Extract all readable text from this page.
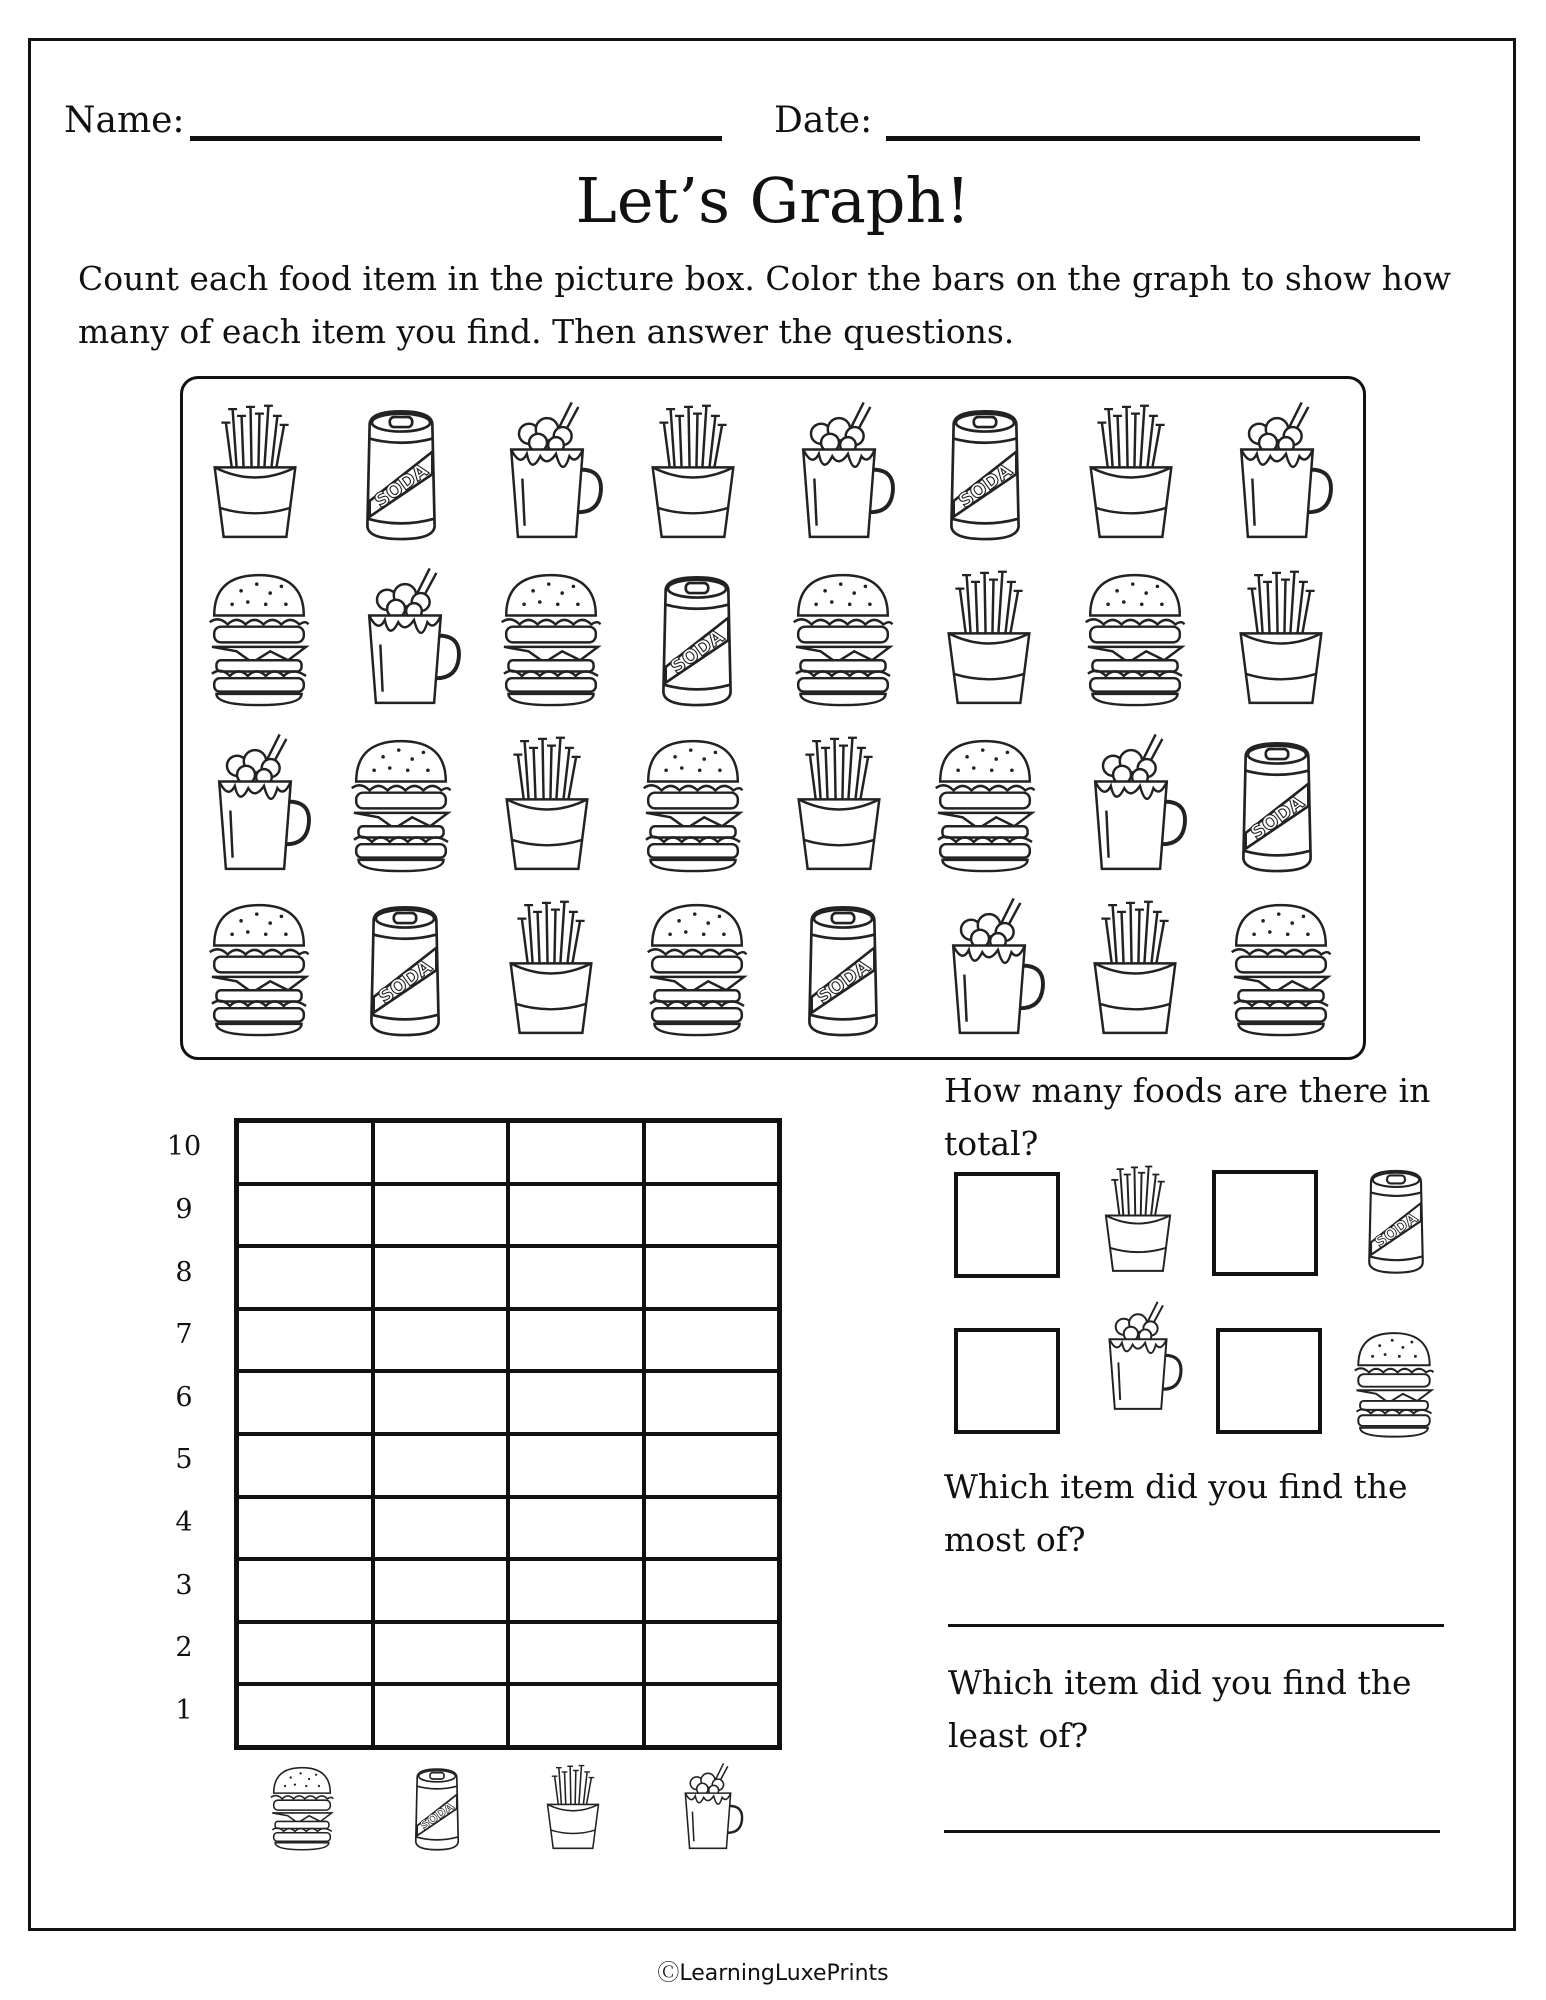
Name:	Date:
Let’s Graph!
Count each food item in the picture box. Color the bars on the graph to show how many of each item you find. Then answer the questions.
SODA	SODA
SODA
SODA
SODA	SODA
10
9
8
7
6
5
4
3
2
1
SODA
How many foods are there in total?
SODA
Which item did you find the most of?
Which item did you find the least of?
ⒸLearningLuxePrints
